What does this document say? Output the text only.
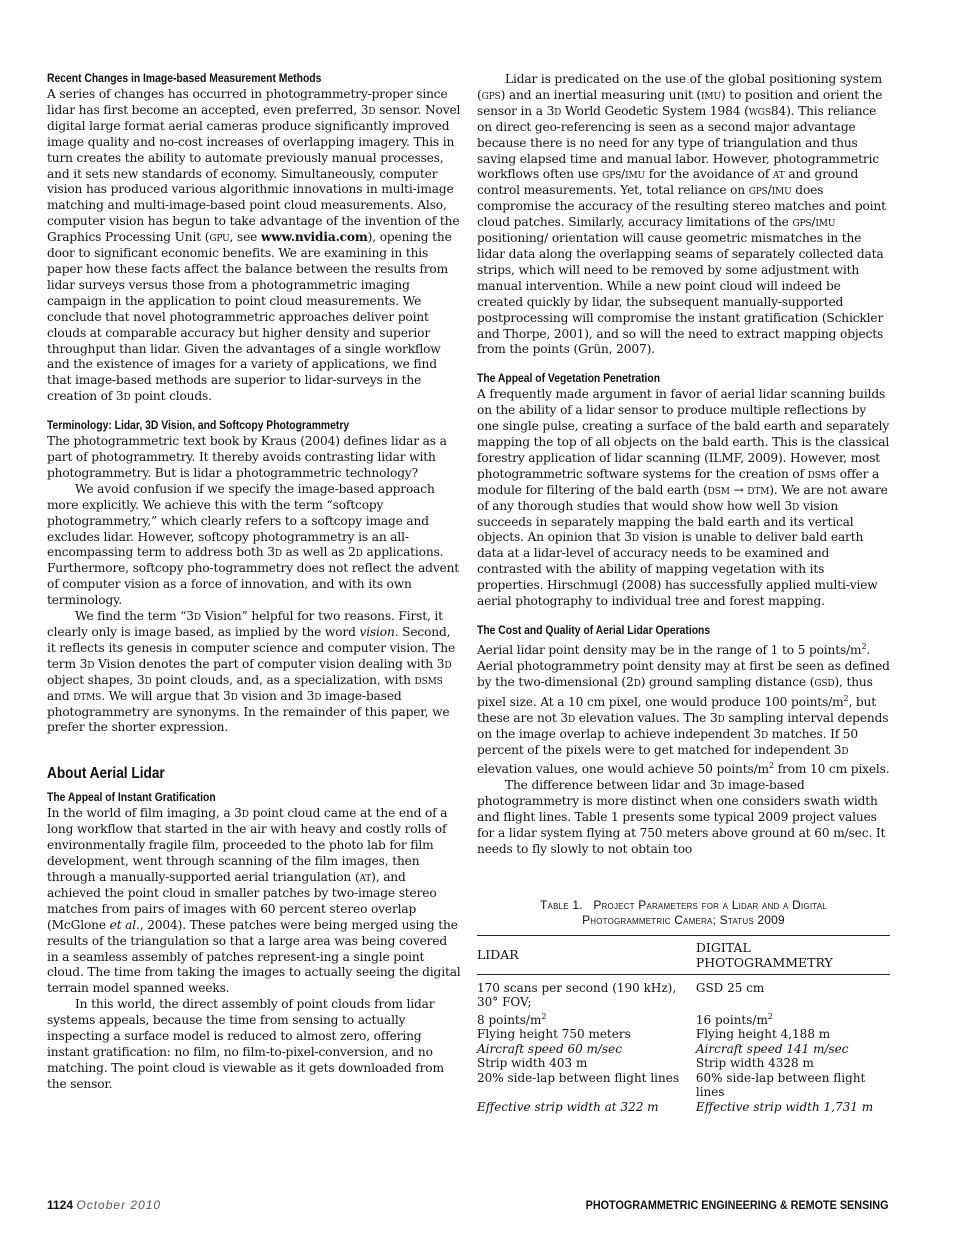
Recent Changes in Image-based Measurement Methods

A series of changes has occurred in photogrammetry-proper since lidar has first become an accepted, even preferred, 3d sensor. Novel digital large format aerial cameras produce significantly improved image quality and no-cost increases of overlapping imagery. This in turn creates the ability to automate previously manual processes, and it sets new standards of economy. Simultaneously, computer vision has produced various algorithmic innovations in multi-image matching and multi-image-based point cloud measurements. Also, computer vision has begun to take advantage of the invention of the Graphics Processing Unit (gpu, see www.nvidia.com), opening the door to significant economic benefits. We are examining in this paper how these facts affect the balance between the results from lidar surveys versus those from a photogrammetric imaging campaign in the application to point cloud measurements. We conclude that novel photogrammetric approaches deliver point clouds at comparable accuracy but higher density and superior throughput than lidar. Given the advantages of a single workflow and the existence of images for a variety of applications, we find that image-based methods are superior to lidar-surveys in the creation of 3d point clouds.

Terminology: Lidar, 3D Vision, and Softcopy Photogrammetry

The photogrammetric text book by Kraus (2004) defines lidar as a part of photogrammetry. It thereby avoids contrasting lidar with photogrammetry. But is lidar a photogrammetric technology?

We avoid confusion if we specify the image-based approach more explicitly. We achieve this with the term “softcopy photogrammetry,” which clearly refers to a softcopy image and excludes lidar. However, softcopy photogrammetry is an all-encompassing term to address both 3d as well as 2d applications. Furthermore, softcopy pho-togrammetry does not reflect the advent of computer vision as a force of innovation, and with its own terminology.

We find the term “3d Vision” helpful for two reasons. First, it clearly only is image based, as implied by the word vision. Second, it reflects its genesis in computer science and computer vision. The term 3d Vision denotes the part of computer vision dealing with 3d object shapes, 3d point clouds, and, as a specialization, with dsms and dtms. We will argue that 3d vision and 3d image-based photogrammetry are synonyms. In the remainder of this paper, we prefer the shorter expression.

About Aerial Lidar
The Appeal of Instant Gratification

In the world of film imaging, a 3d point cloud came at the end of a long workflow that started in the air with heavy and costly rolls of environmentally fragile film, proceeded to the photo lab for film development, went through scanning of the film images, then through a manually-supported aerial triangulation (at), and achieved the point cloud in smaller patches by two-image stereo matches from pairs of images with 60 percent stereo overlap (McGlone et al., 2004). These patches were being merged using the results of the triangulation so that a large area was being covered in a seamless assembly of patches represent-ing a single point cloud. The time from taking the images to actually seeing the digital terrain model spanned weeks.

In this world, the direct assembly of point clouds from lidar systems appeals, because the time from sensing to actually inspecting a surface model is reduced to almost zero, offering instant gratification: no film, no film-to-pixel-conversion, and no matching. The point cloud is viewable as it gets downloaded from the sensor.

Lidar is predicated on the use of the global positioning system (gps) and an inertial measuring unit (imu) to position and orient the sensor in a 3d World Geodetic System 1984 (wgs84). This reliance on direct geo-referencing is seen as a second major advantage because there is no need for any type of triangulation and thus saving elapsed time and manual labor. However, photogrammetric workflows often use gps/imu for the avoidance of at and ground control measurements. Yet, total reliance on gps/imu does compromise the accuracy of the resulting stereo matches and point cloud patches. Similarly, accuracy limitations of the gps/imu positioning/ orientation will cause geometric mismatches in the lidar data along the overlapping seams of separately collected data strips, which will need to be removed by some adjustment with manual intervention. While a new point cloud will indeed be created quickly by lidar, the subsequent manually-supported postprocessing will compromise the instant gratification (Schickler and Thorpe, 2001), and so will the need to extract mapping objects from the points (Grün, 2007).

The Appeal of Vegetation Penetration

A frequently made argument in favor of aerial lidar scanning builds on the ability of a lidar sensor to produce multiple reflections by one single pulse, creating a surface of the bald earth and separately mapping the top of all objects on the bald earth. This is the classical forestry application of lidar scanning (ILMF, 2009). However, most photogrammetric software systems for the creation of dsms offer a module for filtering of the bald earth (dsm → dtm). We are not aware of any thorough studies that would show how well 3d vision succeeds in separately mapping the bald earth and its vertical objects. An opinion that 3d vision is unable to deliver bald earth data at a lidar-level of accuracy needs to be examined and contrasted with the ability of mapping vegetation with its properties. Hirschmugl (2008) has successfully applied multi-view aerial photography to individual tree and forest mapping.

The Cost and Quality of Aerial Lidar Operations

Aerial lidar point density may be in the range of 1 to 5 points/$m^2$. Aerial photogrammetry point density may at first be seen as defined by the two-dimensional (2d) ground sampling distance (gsd), thus pixel size. At a 10 cm pixel, one would produce 100 points/$m^2$, but these are not 3d elevation values. The 3d sampling interval depends on the image overlap to achieve independent 3d matches. If 50 percent of the pixels were to get matched for independent 3d elevation values, one would achieve 50 points/$m^2$ from 10 cm pixels.

The difference between lidar and 3d image-based photogrammetry is more distinct when one considers swath width and flight lines. Table 1 presents some typical 2009 project values for a lidar system flying at 750 meters above ground at 60 m/sec. It needs to fly slowly to not obtain too

Table 1.   Project Parameters for a Lidar and a Digital
Photogrammetric Camera; Status 2009
LIDAR	DIGITAL PHOTOGRAMMETRY
170 scans per second (190 kHz), 30° FOV;	GSD 25 cm
8 points/$m^2$	16 points/$m^2$
Flying height 750 meters	Flying height 4,188 m
Aircraft speed 60 m/sec	Aircraft speed 141 m/sec
Strip width 403 m	Strip width 4328 m
20% side-lap between flight lines	60% side-lap between flight lines
Effective strip width at 322 m	Effective strip width 1,731 m
1124 October 2010	PHOTOGRAMMETRIC ENGINEERING & REMOTE SENSING
